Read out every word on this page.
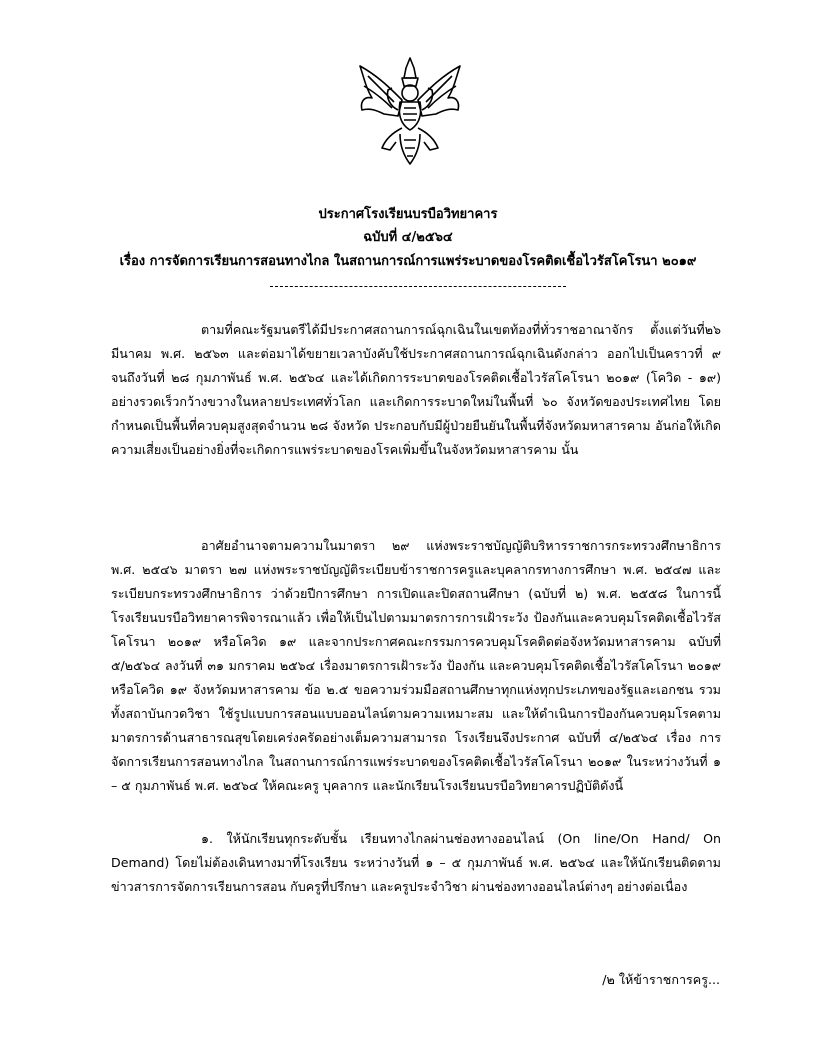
ประกาศโรงเรียนบรบือวิทยาคาร
ฉบับที่ ๔/๒๕๖๔
เรื่อง การจัดการเรียนการสอนทางไกล ในสถานการณ์การแพร่ระบาดของโรคติดเชื้อไวรัสโคโรนา ๒๐๑๙

ตามที่คณะรัฐมนตรีได้มีประกาศสถานการณ์ฉุกเฉินในเขตท้องที่ทั่วราชอาณาจักร ตั้งแต่วันที่๒๖ มีนาคม พ.ศ. ๒๕๖๓ และต่อมาได้ขยายเวลาบังคับใช้ประกาศสถานการณ์ฉุกเฉินดังกล่าว ออกไปเป็นคราวที่ ๙ จนถึงวันที่ ๒๘ กุมภาพันธ์ พ.ศ. ๒๕๖๔ และได้เกิดการระบาดของโรคติดเชื้อไวรัสโคโรนา ๒๐๑๙ (โควิด - ๑๙) อย่างรวดเร็วกว้างขวางในหลายประเทศทั่วโลก และเกิดการระบาดใหม่ในพื้นที่ ๖๐ จังหวัดของประเทศไทย โดยกำหนดเป็นพื้นที่ควบคุมสูงสุดจำนวน ๒๘ จังหวัด ประกอบกับมีผู้ป่วยยืนยันในพื้นที่จังหวัดมหาสารคาม อันก่อให้เกิดความเสี่ยงเป็นอย่างยิ่งที่จะเกิดการแพร่ระบาดของโรคเพิ่มขึ้นในจังหวัดมหาสารคาม นั้น

อาศัยอำนาจตามความในมาตรา ๒๙ แห่งพระราชบัญญัติบริหารราชการกระทรวงศึกษาธิการ พ.ศ. ๒๕๔๖ มาตรา ๒๗ แห่งพระราชบัญญัติระเบียบข้าราชการครูและบุคลากรทางการศึกษา พ.ศ. ๒๕๔๗ และระเบียบกระทรวงศึกษาธิการ ว่าด้วยปีการศึกษา การเปิดและปิดสถานศึกษา (ฉบับที่ ๒) พ.ศ. ๒๕๕๘ ในการนี้ โรงเรียนบรบือวิทยาคารพิจารณาแล้ว เพื่อให้เป็นไปตามมาตรการการเฝ้าระวัง ป้องกันและควบคุมโรคติดเชื้อไวรัสโคโรนา ๒๐๑๙ หรือโควิด ๑๙ และจากประกาศคณะกรรมการควบคุมโรคติดต่อจังหวัดมหาสารคาม ฉบับที่ ๕/๒๕๖๔ ลงวันที่ ๓๑ มกราคม ๒๕๖๔ เรื่องมาตรการเฝ้าระวัง ป้องกัน และควบคุมโรคติดเชื้อไวรัสโคโรนา ๒๐๑๙ หรือโควิด ๑๙ จังหวัดมหาสารคาม ข้อ ๒.๕ ขอความร่วมมือสถานศึกษาทุกแห่งทุกประเภทของรัฐและเอกชน รวมทั้งสถาบันกวดวิชา ใช้รูปแบบการสอนแบบออนไลน์ตามความเหมาะสม และให้ดำเนินการป้องกันควบคุมโรคตามมาตรการด้านสาธารณสุขโดยเคร่งครัดอย่างเต็มความสามารถ โรงเรียนจึงประกาศ ฉบับที่ ๔/๒๕๖๔ เรื่อง การจัดการเรียนการสอนทางไกล ในสถานการณ์การแพร่ระบาดของโรคติดเชื้อไวรัสโคโรนา ๒๐๑๙ ในระหว่างวันที่ ๑ – ๕ กุมภาพันธ์ พ.ศ. ๒๕๖๔ ให้คณะครู บุคลากร และนักเรียนโรงเรียนบรบือวิทยาคารปฏิบัติดังนี้

๑. ให้นักเรียนทุกระดับชั้น เรียนทางไกลผ่านช่องทางออนไลน์ (On line/On Hand/ On Demand) โดยไม่ต้องเดินทางมาที่โรงเรียน ระหว่างวันที่ ๑ – ๕ กุมภาพันธ์ พ.ศ. ๒๕๖๔ และให้นักเรียนติดตามข่าวสารการจัดการเรียนการสอน กับครูที่ปรึกษา และครูประจำวิชา ผ่านช่องทางออนไลน์ต่างๆ อย่างต่อเนื่อง

/๒ ให้ข้าราชการครู...
